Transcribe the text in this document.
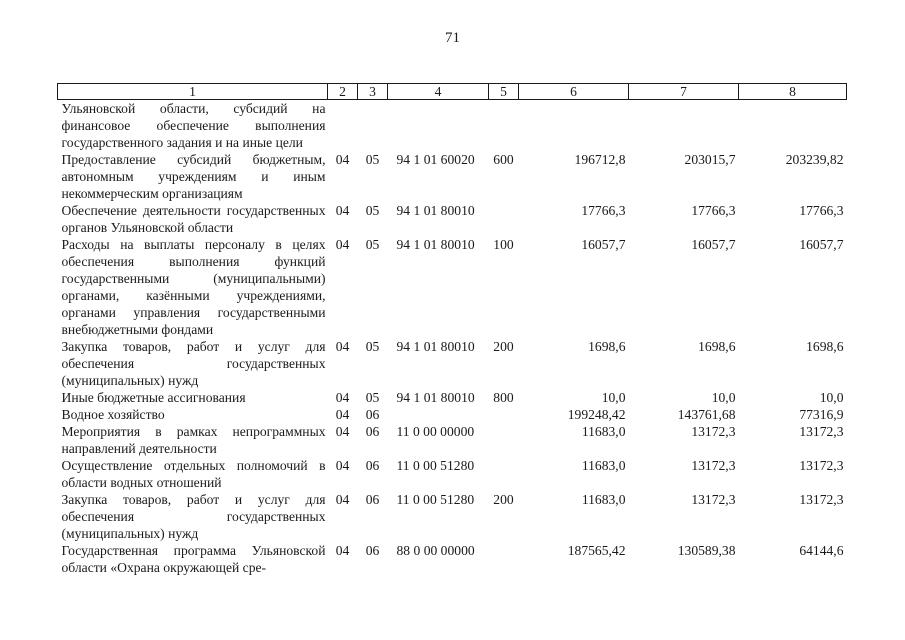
71
1	2	3	4	5	6	7	8
Ульяновской области, субсидий на финансовое обеспечение выполнения государственного задания и на иные цели							
Предоставление субсидий бюджетным, автономным учреждениям и иным некоммерческим организациям	04	05	94 1 01 60020	600	196712,8	203015,7	203239,82
Обеспечение деятельности государственных органов Ульяновской области	04	05	94 1 01 80010		17766,3	17766,3	17766,3
Расходы на выплаты персоналу в целях обеспечения выполнения функций государственными (муниципальными) органами, казёнными учреждениями, органами управления государственными внебюджетными фондами	04	05	94 1 01 80010	100	16057,7	16057,7	16057,7
Закупка товаров, работ и услуг для обеспечения государственных (муниципальных) нужд	04	05	94 1 01 80010	200	1698,6	1698,6	1698,6
Иные бюджетные ассигнования	04	05	94 1 01 80010	800	10,0	10,0	10,0
Водное хозяйство	04	06			199248,42	143761,68	77316,9
Мероприятия в рамках непрограммных направлений деятельности	04	06	11 0 00 00000		11683,0	13172,3	13172,3
Осуществление отдельных полномочий в области водных отношений	04	06	11 0 00 51280		11683,0	13172,3	13172,3
Закупка товаров, работ и услуг для обеспечения государственных (муниципальных) нужд	04	06	11 0 00 51280	200	11683,0	13172,3	13172,3
Государственная программа Ульяновской области «Охрана окружающей сре-	04	06	88 0 00 00000		187565,42	130589,38	64144,6
